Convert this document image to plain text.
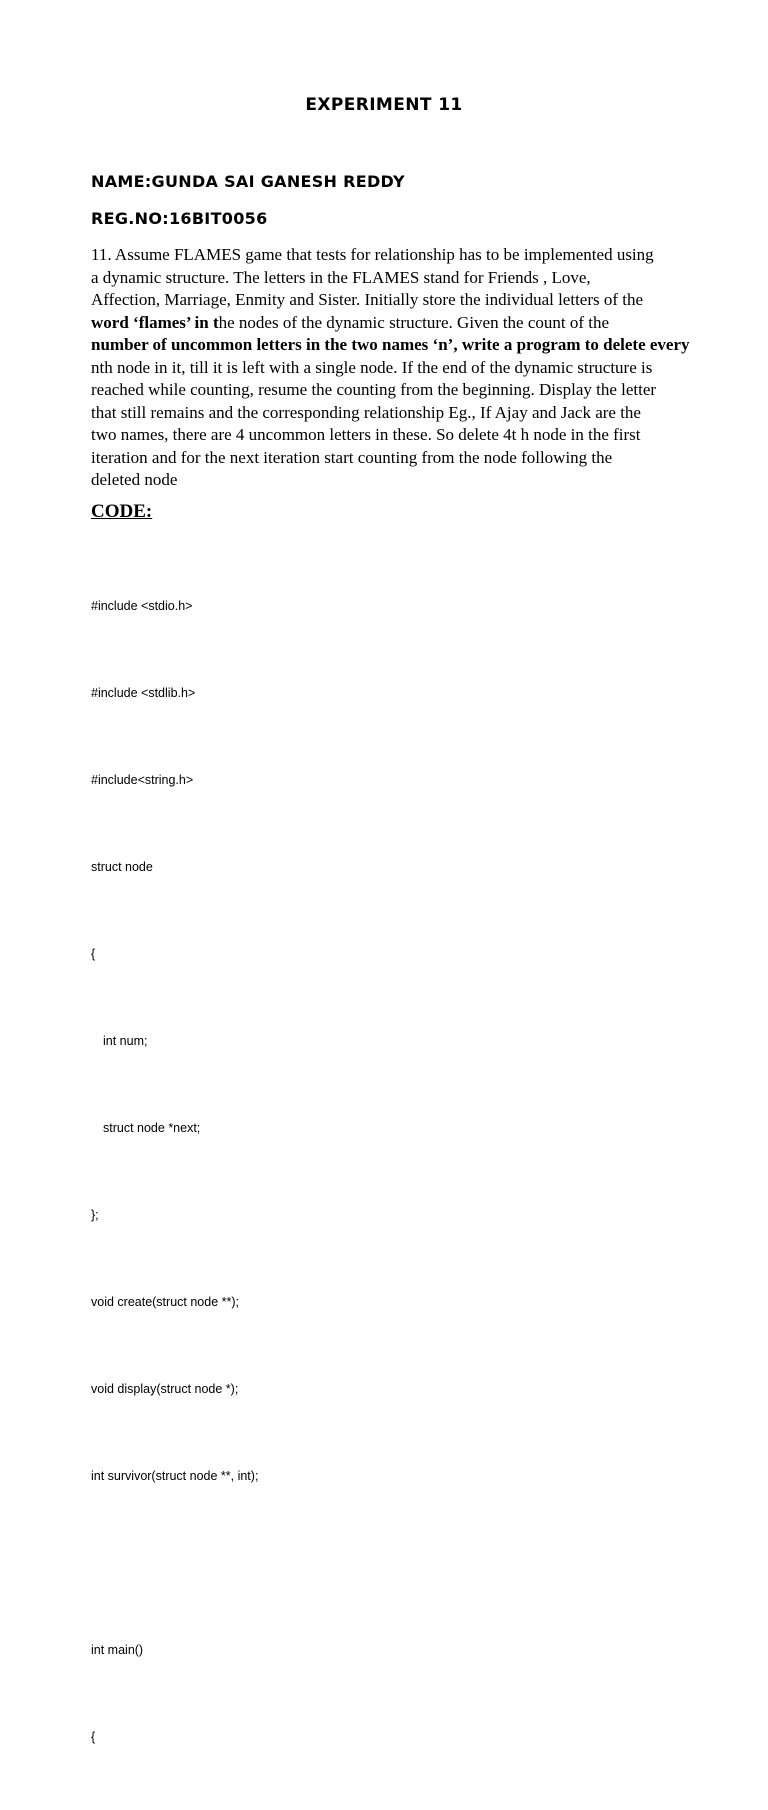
EXPERIMENT 11
NAME:GUNDA SAI GANESH REDDY
REG.NO:16BIT0056
11. Assume FLAMES game that tests for relationship has to be implemented using
a dynamic structure. The letters in the FLAMES stand for Friends , Love,
Affection, Marriage, Enmity and Sister. Initially store the individual letters of the
word ‘flames’ in the nodes of the dynamic structure. Given the count of the
number of uncommon letters in the two names ‘n’, write a program to delete every
nth node in it, till it is left with a single node. If the end of the dynamic structure is
reached while counting, resume the counting from the beginning. Display the letter
that still remains and the corresponding relationship Eg., If Ajay and Jack are the
two names, there are 4 uncommon letters in these. So delete 4t h node in the first
iteration and for the next iteration start counting from the node following the
deleted node
CODE:

#include <stdio.h>

#include <stdlib.h>

#include<string.h>

struct node

{

int num;

struct node *next;

};

void create(struct node **);

void display(struct node *);

int survivor(struct node **, int);

int main()

{
